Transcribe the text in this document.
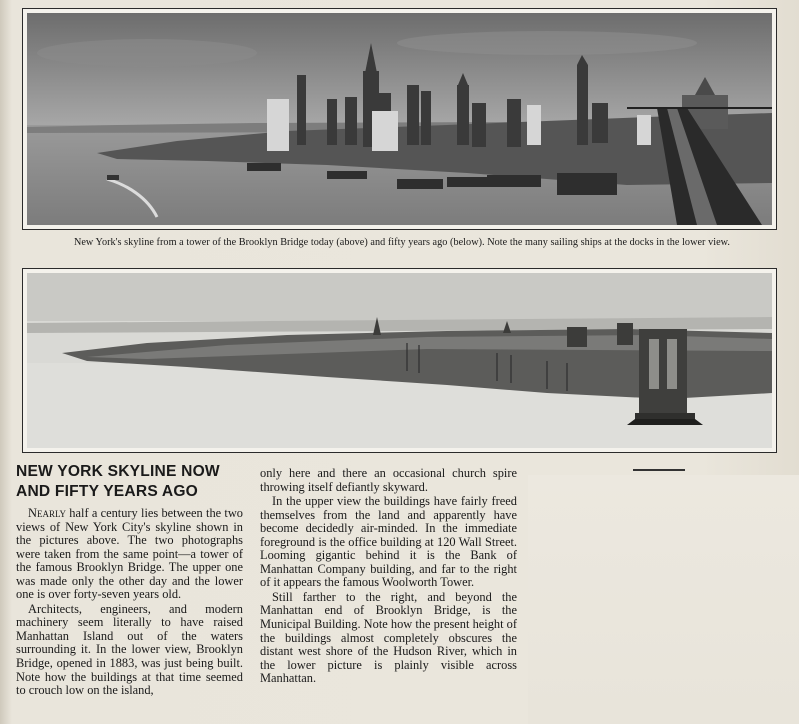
New York's skyline from a tower of the Brooklyn Bridge today (above) and fifty years ago (below). Note the many sailing ships at the docks in the lower view.
NEW YORK SKYLINE NOW
AND FIFTY YEARS AGO

Nearly half a century lies between the two views of New York City's skyline shown in the pictures above. The two photographs were taken from the same point—a tower of the famous Brooklyn Bridge. The upper one was made only the other day and the lower one is over forty-seven years old.

Architects, engineers, and modern machinery seem literally to have raised Manhattan Island out of the waters surrounding it. In the lower view, Brooklyn Bridge, opened in 1883, was just being built. Note how the buildings at that time seemed to crouch low on the island,

only here and there an occasional church spire throwing itself defiantly skyward.

In the upper view the buildings have fairly freed themselves from the land and apparently have become decidedly air-minded. In the immediate foreground is the office building at 120 Wall Street. Looming gigantic behind it is the Bank of Manhattan Company building, and far to the right of it appears the famous Woolworth Tower.

Still farther to the right, and beyond the Manhattan end of Brooklyn Bridge, is the Municipal Building. Note how the present height of the buildings almost completely obscures the distant west shore of the Hudson River, which in the lower picture is plainly visible across Manhattan.
